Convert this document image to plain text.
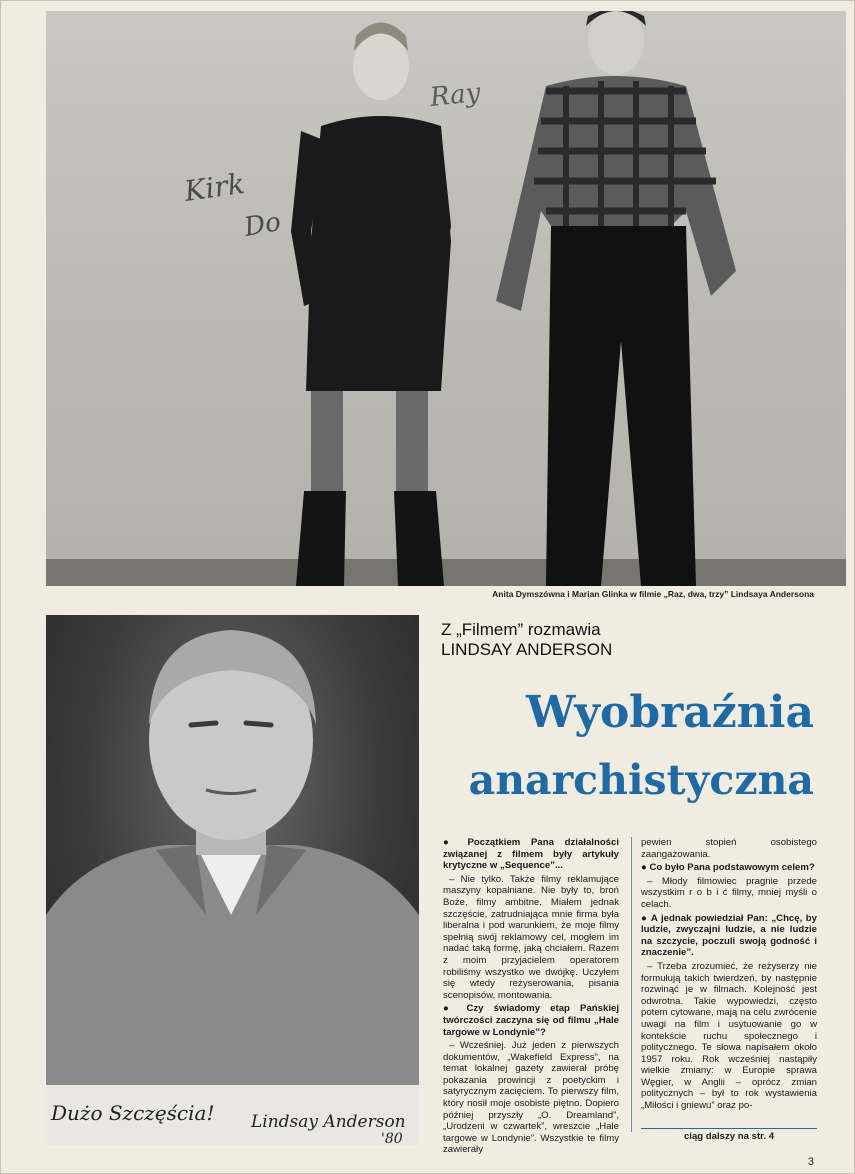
Kirk
Do
Ray
Anita Dymszówna i Marian Glinka w filmie „Raz, dwa, trzy” Lindsaya Andersona
Dużo Szczęścia! Lindsay Anderson
'80
Z „Filmem” rozmawia
LINDSAY ANDERSON
Wyobraźnia
anarchistyczna

● Początkiem Pana działalności związanej z filmem były artykuły krytyczne w „Sequence”...

– Nie tylko. Także filmy reklamujące maszyny kopalniane. Nie były to, broń Boże, filmy ambitne. Miałem jednak szczęście, zatrudniająca mnie firma była liberalna i pod warunkiem, że moje filmy spełnią swój reklamowy cel, mogłem im nadać taką formę, jaką chciałem. Razem z moim przyjacielem operatorem robiliśmy wszystko we dwójkę. Uczyłem się wtedy reżyserowania, pisania scenopisów, montowania.

● Czy świadomy etap Pańskiej twórczości zaczyna się od filmu „Hale targowe w Londynie”?

– Wcześniej. Już jeden z pierwszych dokumentów, „Wakefield Express”, na temat lokalnej gazety zawierał próbę pokazania prowincji z poetyckim i satyrycznym zacięciem. To pierwszy film, który nosił moje osobiste piętno. Dopiero później przyszły „O. Dreamland”, „Urodzeni w czwartek”, wreszcie „Hale targowe w Londynie”. Wszystkie te filmy zawierały

pewien stopień osobistego zaangażowania.

● Co było Pana podstawowym celem?

– Młody filmowiec pragnie przede wszystkim r o b i ć filmy, mniej myśli o celach.

● A jednak powiedział Pan: „Chcę, by ludzie, zwyczajni ludzie, a nie ludzie na szczycie, poczuli swoją godność i znaczenie”.

– Trzeba zrozumieć, że reżyserzy nie formułują takich twierdzeń, by następnie rozwinąć je w filmach. Kolejność jest odwrotna. Takie wypowiedzi, często potem cytowane, mają na celu zwrócenie uwagi na film i usytuowanie go w kontekście ruchu społecznego i politycznego. Te słowa napisałem około 1957 roku. Rok wcześniej nastąpiły wielkie zmiany: w Europie sprawa Węgier, w Anglii – oprócz zmian politycznych – był to rok wystawienia „Miłości i gniewu” oraz po-

ciąg dalszy na str. 4
3
